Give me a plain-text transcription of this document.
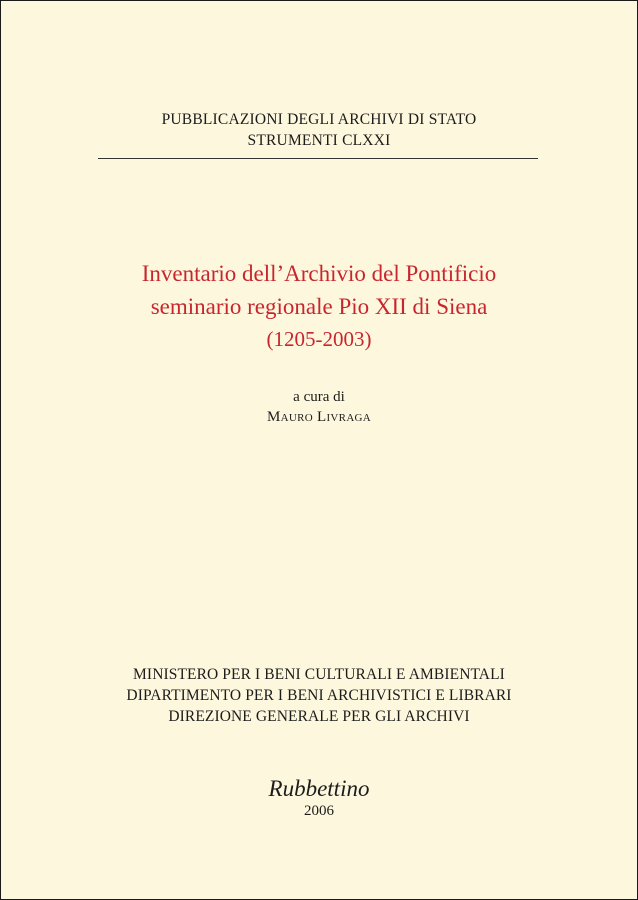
PUBBLICAZIONI DEGLI ARCHIVI DI STATO
STRUMENTI CLXXI
Inventario dell’Archivio del Pontificio
seminario regionale Pio XII di Siena
(1205-2003)
a cura di
Mauro Livraga
MINISTERO PER I BENI CULTURALI E AMBIENTALI
DIPARTIMENTO PER I BENI ARCHIVISTICI E LIBRARI
DIREZIONE GENERALE PER GLI ARCHIVI
Rubbettino
2006
